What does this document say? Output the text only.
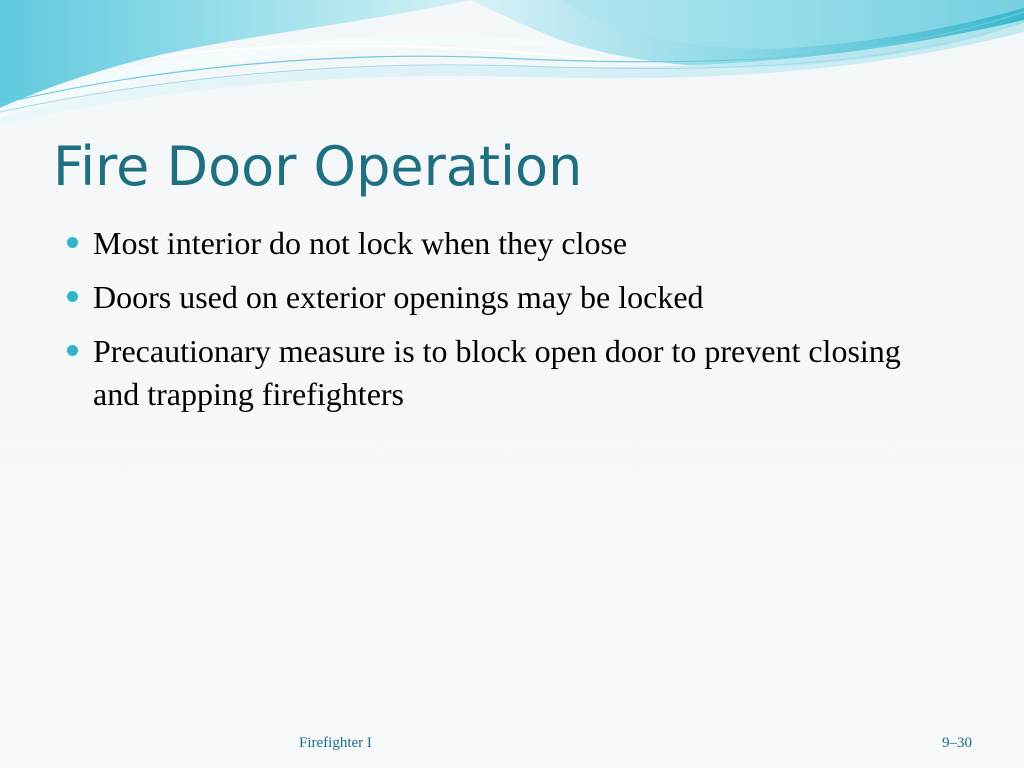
Fire Door Operation
Most interior do not lock when they close
Doors used on exterior openings may be locked
Precautionary measure is to block open door to prevent closing and trapping firefighters
Firefighter I	9–30
